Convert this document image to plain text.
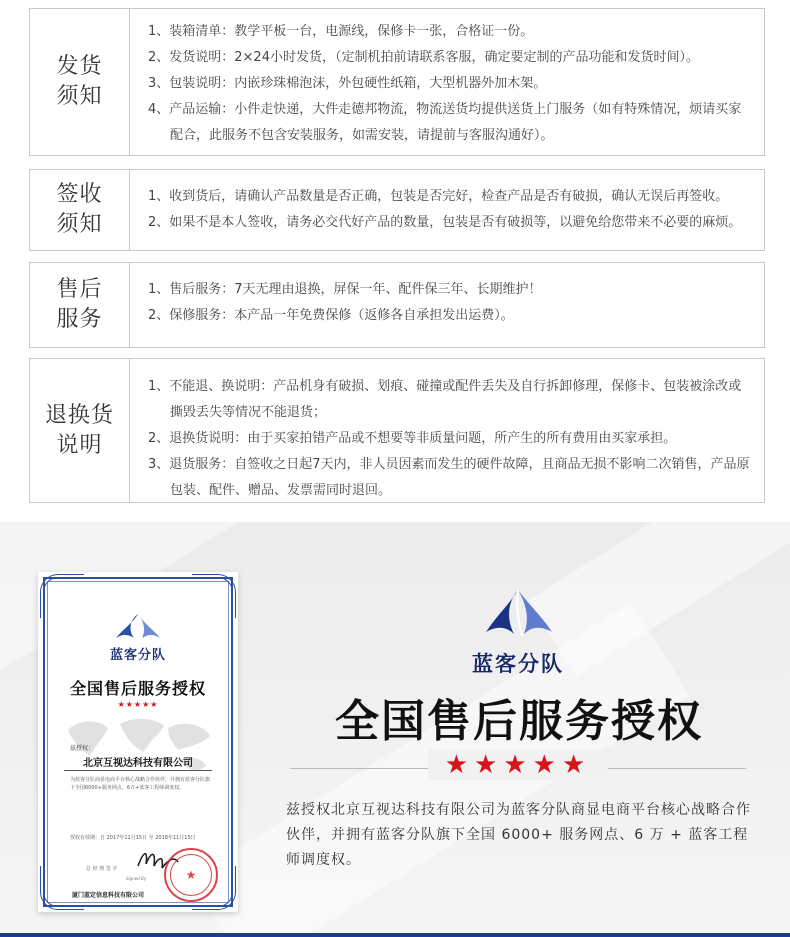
发货
须知
1、装箱清单：教学平板一台，电源线，保修卡一张，合格证一份。
2、发货说明：2×24小时发货，（定制机拍前请联系客服，确定要定制的产品功能和发货时间）。
3、包装说明：内嵌珍珠棉泡沫，外包硬性纸箱，大型机器外加木架。
4、产品运输：小件走快递，大件走德邦物流，物流送货均提供送货上门服务（如有特殊情况，烦请买家配合，此服务不包含安装服务，如需安装，请提前与客服沟通好）。
签收
须知
1、收到货后，请确认产品数量是否正确，包装是否完好，检查产品是否有破损，确认无误后再签收。
2、如果不是本人签收，请务必交代好产品的数量，包装是否有破损等，以避免给您带来不必要的麻烦。
售后
服务
1、售后服务：7天无理由退换，屏保一年、配件保三年、长期维护！
2、保修服务：本产品一年免费保修（返修各自承担发出运费）。
退换货
说明
1、不能退、换说明：产品机身有破损、划痕、碰撞或配件丢失及自行拆卸修理，保修卡、包装被涂改或撕毁丢失等情况不能退货；
2、退换货说明：由于买家拍错产品或不想要等非质量问题，所产生的所有费用由买家承担。
3、退货服务：自签收之日起7天内，非人员因素而发生的硬件故障，且商品无损不影响二次销售，产品原包装、配件、赠品、发票需同时退回。
蓝客分队
全国售后服务授权
★★★★★
兹授权：
北京互视达科技有限公司
为蓝客分队商显电商平台核心战略合作伙伴，并拥有蓝客分队旗下全国6000+服务网点、6万+蓝客工程师调度权。
授权有效期：自 2017年11月15日 至 2018年11月15日
总 经 理 签 字
Signed By	★
厦门蓝定信息科技有限公司
蓝客分队
全国售后服务授权
★★★★★
兹授权北京互视达科技有限公司为蓝客分队商显电商平台核心战略合作伙伴，并拥有蓝客分队旗下全国 6000+ 服务网点、6 万 + 蓝客工程师调度权。
